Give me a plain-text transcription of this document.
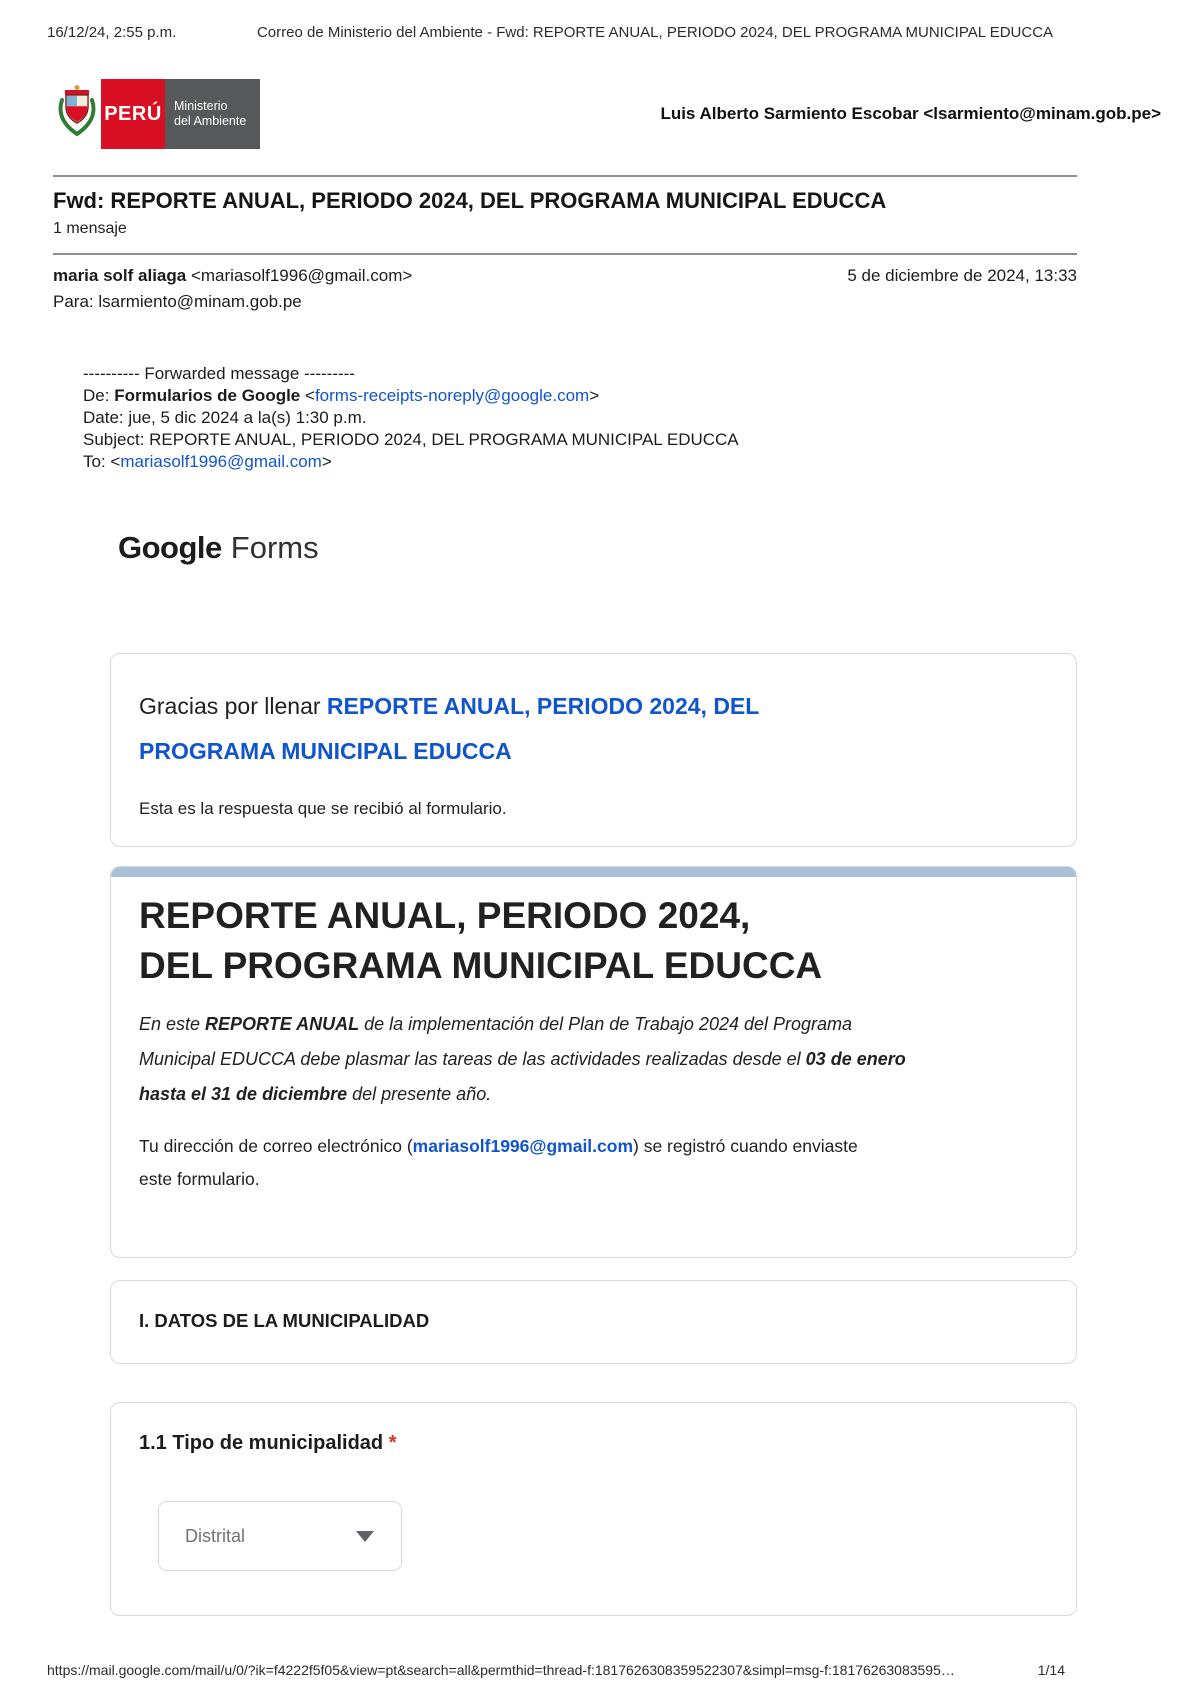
16/12/24, 2:55 p.m.	Correo de Ministerio del Ambiente - Fwd: REPORTE ANUAL, PERIODO 2024, DEL PROGRAMA MUNICIPAL EDUCCA
PERÚ Ministerio
del Ambiente	Luis Alberto Sarmiento Escobar <lsarmiento@minam.gob.pe>
Fwd: REPORTE ANUAL, PERIODO 2024, DEL PROGRAMA MUNICIPAL EDUCCA
1 mensaje
maria solf aliaga <mariasolf1996@gmail.com>
Para: lsarmiento@minam.gob.pe
5 de diciembre de 2024, 13:33
---------- Forwarded message ---------
De: Formularios de Google <forms-receipts-noreply@google.com>
Date: jue, 5 dic 2024 a la(s) 1:30 p.m.
Subject: REPORTE ANUAL, PERIODO 2024, DEL PROGRAMA MUNICIPAL EDUCCA
To: <mariasolf1996@gmail.com>
Google Forms
Gracias por llenar REPORTE ANUAL, PERIODO 2024, DEL
PROGRAMA MUNICIPAL EDUCCA
Esta es la respuesta que se recibió al formulario.
REPORTE ANUAL, PERIODO 2024,
DEL PROGRAMA MUNICIPAL EDUCCA
En este REPORTE ANUAL de la implementación del Plan de Trabajo 2024 del Programa
Municipal EDUCCA debe plasmar las tareas de las actividades realizadas desde el 03 de enero
hasta el 31 de diciembre del presente año.
Tu dirección de correo electrónico (mariasolf1996@gmail.com) se registró cuando enviaste
este formulario.
I. DATOS DE LA MUNICIPALIDAD
1.1 Tipo de municipalidad *
Distrital
https://mail.google.com/mail/u/0/?ik=f4222f5f05&view=pt&search=all&permthid=thread-f:1817626308359522307&simpl=msg-f:18176263083595…	1/14
